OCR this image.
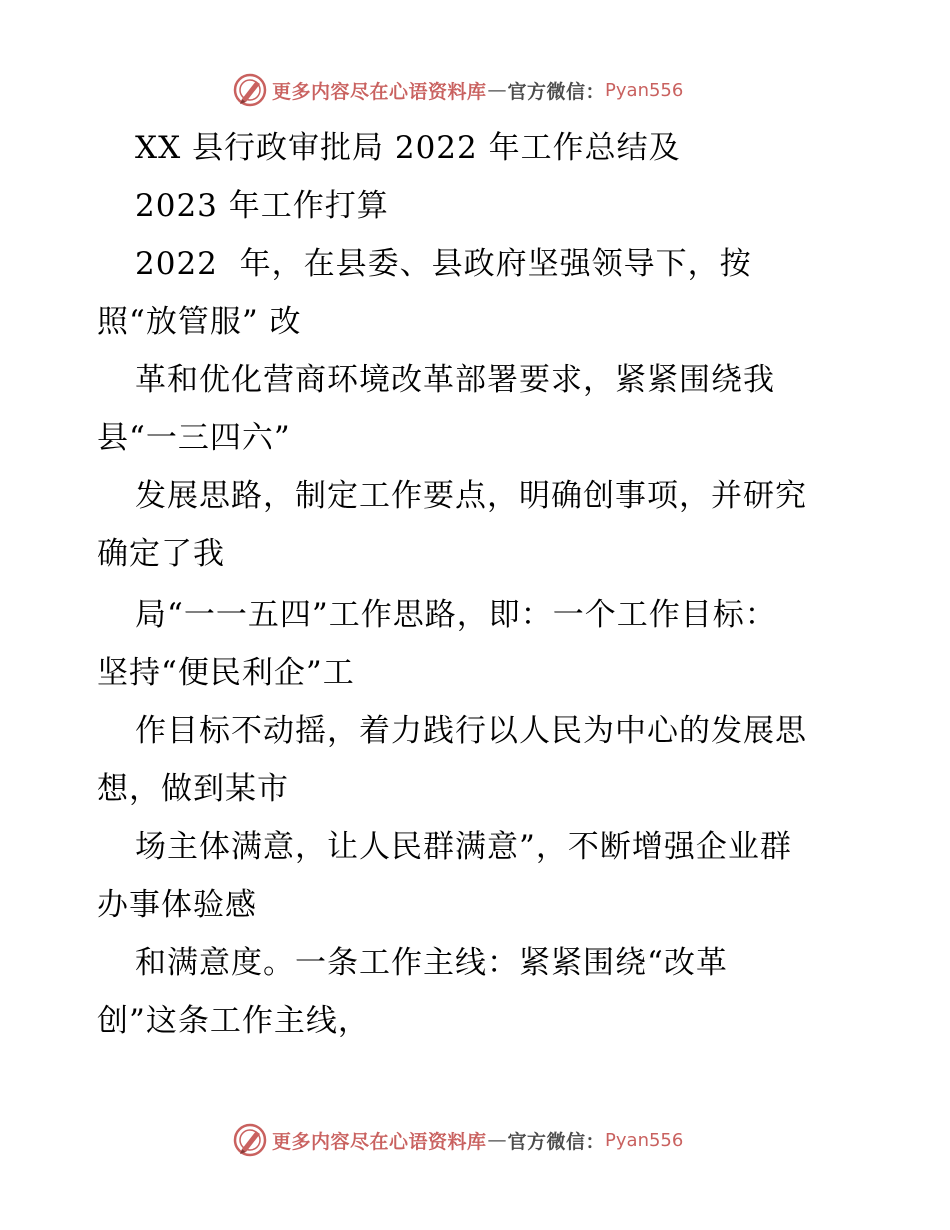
更多内容尽在心语资料库 — 官方微信： Pyan556
XX 县行政审批局 2022 年工作总结及
2023 年工作打算
2022  年，在县委、县政府坚强领导下，按
照“放管服” 改
革和优化营商环境改革部署要求，紧紧围绕我
县“一三四六”
发展思路，制定工作要点，明确创事项，并研究
确定了我
局“一一五四”工作思路，即：一个工作目标：
坚持“便民利企”工
作目标不动摇，着力践行以人民为中心的发展思
想，做到某市
场主体满意，让人民群满意”，不断增强企业群
办事体验感
和满意度。一条工作主线：紧紧围绕“改革
创”这条工作主线，
更多内容尽在心语资料库 — 官方微信： Pyan556
